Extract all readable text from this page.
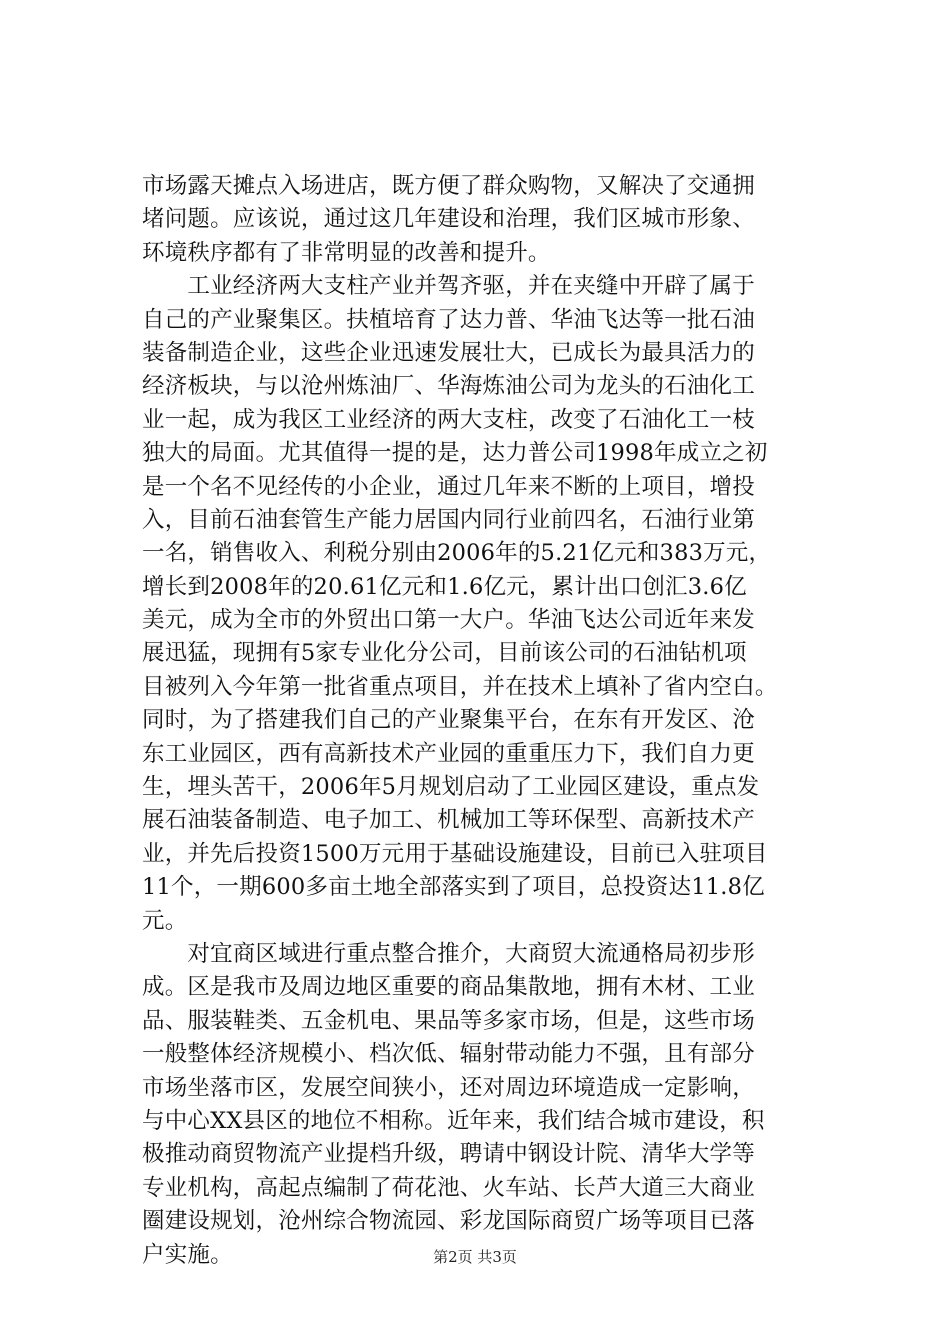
市场露天摊点入场进店，既方便了群众购物，又解决了交通拥
堵问题。应该说，通过这几年建设和治理，我们区城市形象、
环境秩序都有了非常明显的改善和提升。
　　工业经济两大支柱产业并驾齐驱，并在夹缝中开辟了属于
自己的产业聚集区。扶植培育了达力普、华油飞达等一批石油
装备制造企业，这些企业迅速发展壮大，已成长为最具活力的
经济板块，与以沧州炼油厂、华海炼油公司为龙头的石油化工
业一起，成为我区工业经济的两大支柱，改变了石油化工一枝
独大的局面。尤其值得一提的是，达力普公司1998年成立之初
是一个名不见经传的小企业，通过几年来不断的上项目，增投
入，目前石油套管生产能力居国内同行业前四名，石油行业第
一名，销售收入、利税分别由2006年的5.21亿元和383万元，
增长到2008年的20.61亿元和1.6亿元，累计出口创汇3.6亿
美元，成为全市的外贸出口第一大户。华油飞达公司近年来发
展迅猛，现拥有5家专业化分公司，目前该公司的石油钻机项
目被列入今年第一批省重点项目，并在技术上填补了省内空白。
同时，为了搭建我们自己的产业聚集平台，在东有开发区、沧
东工业园区，西有高新技术产业园的重重压力下，我们自力更
生，埋头苦干，2006年5月规划启动了工业园区建设，重点发
展石油装备制造、电子加工、机械加工等环保型、高新技术产
业，并先后投资1500万元用于基础设施建设，目前已入驻项目
11个，一期600多亩土地全部落实到了项目，总投资达11.8亿
元。
　　对宜商区域进行重点整合推介，大商贸大流通格局初步形
成。区是我市及周边地区重要的商品集散地，拥有木材、工业
品、服装鞋类、五金机电、果品等多家市场，但是，这些市场
一般整体经济规模小、档次低、辐射带动能力不强，且有部分
市场坐落市区，发展空间狭小，还对周边环境造成一定影响，
与中心XX县区的地位不相称。近年来，我们结合城市建设，积
极推动商贸物流产业提档升级，聘请中钢设计院、清华大学等
专业机构，高起点编制了荷花池、火车站、长芦大道三大商业
圈建设规划，沧州综合物流园、彩龙国际商贸广场等项目已落
户实施。	第2页 共3页
